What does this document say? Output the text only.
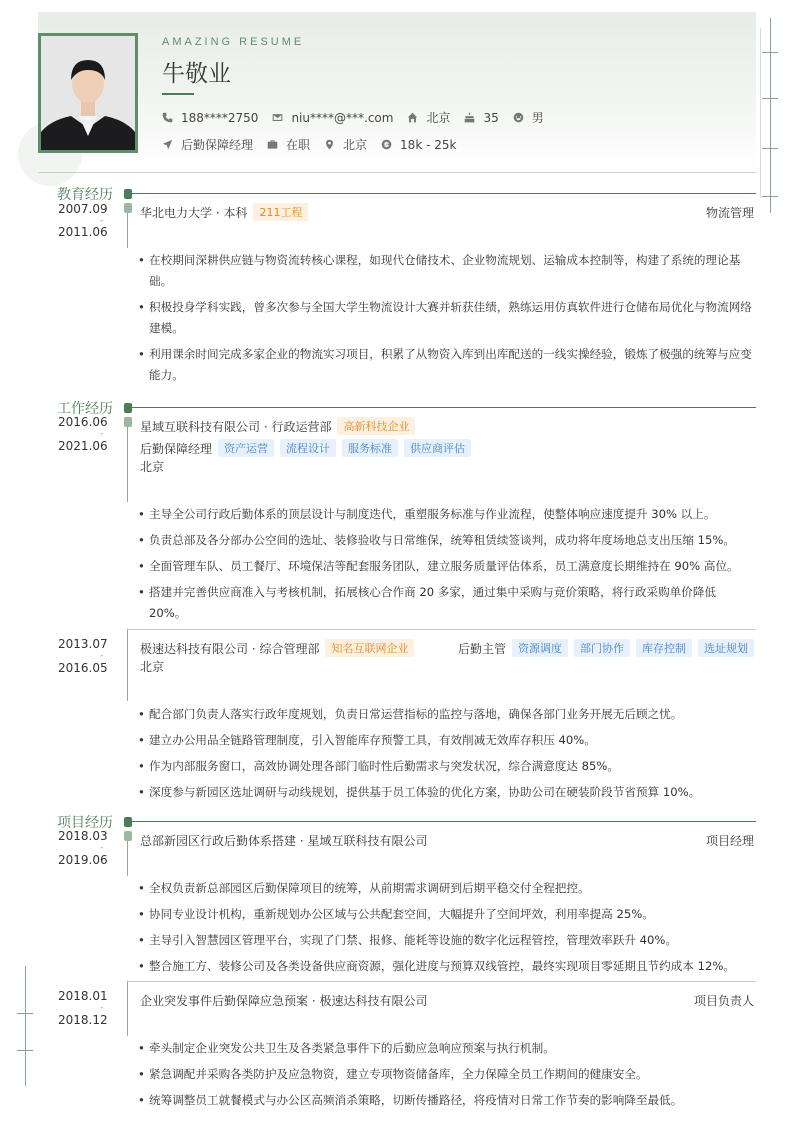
AMAZING RESUME
牛敬业
188****2750	niu****@***.com	北京	35	男
后勤保障经理	在职	北京	18k - 25k
教育经历
2007.09
-
2011.06
华北电力大学 · 本科	211工程	物流管理
• 在校期间深耕供应链与物资流转核心课程，如现代仓储技术、企业物流规划、运输成本控制等，构建了系统的理论基础。
• 积极投身学科实践，曾多次参与全国大学生物流设计大赛并斩获佳绩，熟练运用仿真软件进行仓储布局优化与物流网络建模。
• 利用课余时间完成多家企业的物流实习项目，积累了从物资入库到出库配送的一线实操经验，锻炼了极强的统筹与应变能力。
工作经历
2016.06
-
2021.06
星域互联科技有限公司 · 行政运营部	高新科技企业
后勤保障经理	资产运营	流程设计	服务标准	供应商评估
北京
• 主导全公司行政后勤体系的顶层设计与制度迭代，重塑服务标准与作业流程，使整体响应速度提升 30% 以上。
• 负责总部及各分部办公空间的选址、装修验收与日常维保，统筹租赁续签谈判，成功将年度场地总支出压缩 15%。
• 全面管理车队、员工餐厅、环境保洁等配套服务团队，建立服务质量评估体系，员工满意度长期维持在 90% 高位。
• 搭建并完善供应商准入与考核机制，拓展核心合作商 20 多家，通过集中采购与竞价策略，将行政采购单价降低 20%。
2013.07
-
2016.05
极速达科技有限公司 · 综合管理部	知名互联网企业	后勤主管	资源调度	部门协作	库存控制	选址规划
北京
• 配合部门负责人落实行政年度规划，负责日常运营指标的监控与落地，确保各部门业务开展无后顾之忧。
• 建立办公用品全链路管理制度，引入智能库存预警工具，有效削减无效库存积压 40%。
• 作为内部服务窗口，高效协调处理各部门临时性后勤需求与突发状况，综合满意度达 85%。
• 深度参与新园区选址调研与动线规划，提供基于员工体验的优化方案，协助公司在硬装阶段节省预算 10%。
项目经历
2018.03
-
2019.06
总部新园区行政后勤体系搭建 · 星域互联科技有限公司	项目经理
• 全权负责新总部园区后勤保障项目的统筹，从前期需求调研到后期平稳交付全程把控。
• 协同专业设计机构，重新规划办公区域与公共配套空间，大幅提升了空间坪效，利用率提高 25%。
• 主导引入智慧园区管理平台，实现了门禁、报修、能耗等设施的数字化远程管控，管理效率跃升 40%。
• 整合施工方、装修公司及各类设备供应商资源，强化进度与预算双线管控，最终实现项目零延期且节约成本 12%。
2018.01
-
2018.12
企业突发事件后勤保障应急预案 · 极速达科技有限公司	项目负责人
• 牵头制定企业突发公共卫生及各类紧急事件下的后勤应急响应预案与执行机制。
• 紧急调配并采购各类防护及应急物资，建立专项物资储备库，全力保障全员工作期间的健康安全。
• 统筹调整员工就餐模式与办公区高频消杀策略，切断传播路径，将疫情对日常工作节奏的影响降至最低。
